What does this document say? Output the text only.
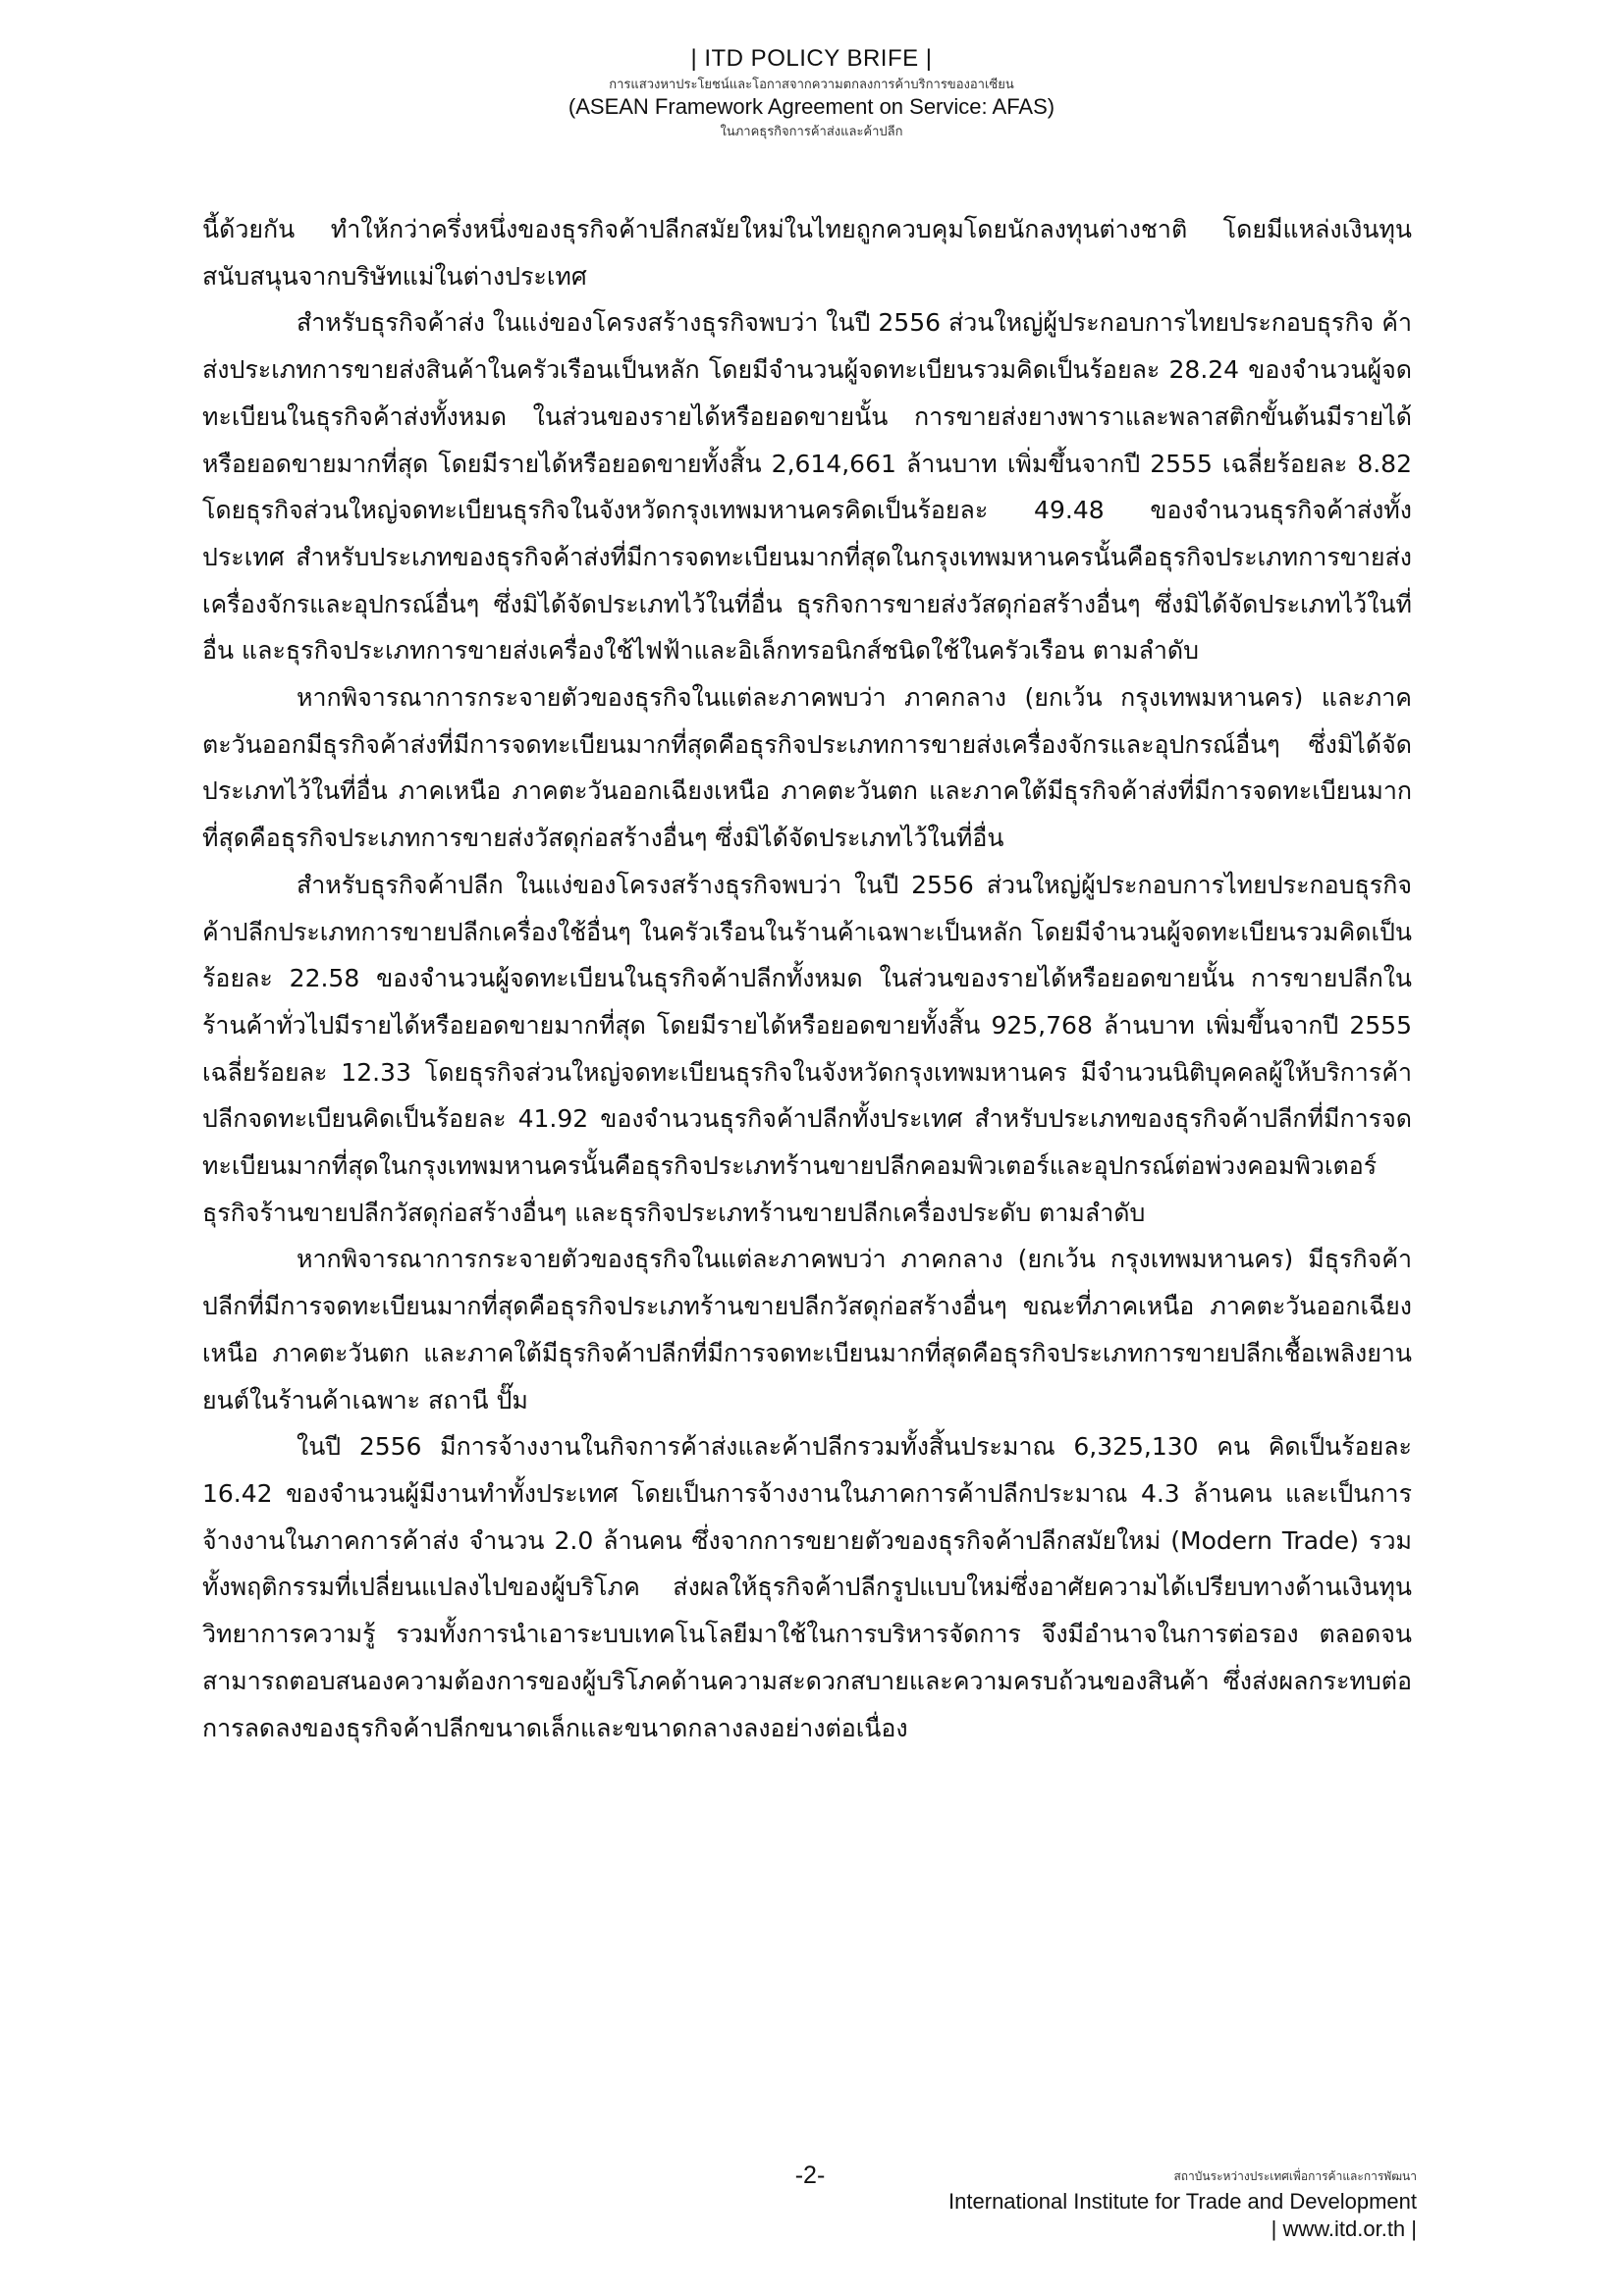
| ITD POLICY BRIFE |
การแสวงหาประโยชน์และโอกาสจากความตกลงการค้าบริการของอาเซียน
(ASEAN Framework Agreement on Service: AFAS)
ในภาคธุรกิจการค้าส่งและค้าปลีก

นี้ด้วยกัน ทำให้กว่าครึ่งหนึ่งของธุรกิจค้าปลีกสมัยใหม่ในไทยถูกควบคุมโดยนักลงทุนต่างชาติ โดยมีแหล่งเงินทุนสนับสนุนจากบริษัทแม่ในต่างประเทศ

สำหรับธุรกิจค้าส่ง ในแง่ของโครงสร้างธุรกิจพบว่า ในปี 2556 ส่วนใหญ่ผู้ประกอบการไทยประกอบธุรกิจ ค้าส่งประเภทการขายส่งสินค้าในครัวเรือนเป็นหลัก โดยมีจำนวนผู้จดทะเบียนรวมคิดเป็นร้อยละ 28.24 ของจำนวนผู้จดทะเบียนในธุรกิจค้าส่งทั้งหมด ในส่วนของรายได้หรือยอดขายนั้น การขายส่งยางพาราและพลาสติกขั้นต้นมีรายได้หรือยอดขายมากที่สุด โดยมีรายได้หรือยอดขายทั้งสิ้น 2,614,661 ล้านบาท เพิ่มขึ้นจากปี 2555 เฉลี่ยร้อยละ 8.82 โดยธุรกิจส่วนใหญ่จดทะเบียนธุรกิจในจังหวัดกรุงเทพมหานครคิดเป็นร้อยละ 49.48 ของจำนวนธุรกิจค้าส่งทั้งประเทศ สำหรับประเภทของธุรกิจค้าส่งที่มีการจดทะเบียนมากที่สุดในกรุงเทพมหานครนั้นคือธุรกิจประเภทการขายส่งเครื่องจักรและอุปกรณ์อื่นๆ ซึ่งมิได้จัดประเภทไว้ในที่อื่น ธุรกิจการขายส่งวัสดุก่อสร้างอื่นๆ ซึ่งมิได้จัดประเภทไว้ในที่อื่น และธุรกิจประเภทการขายส่งเครื่องใช้ไฟฟ้าและอิเล็กทรอนิกส์ชนิดใช้ในครัวเรือน ตามลำดับ

หากพิจารณาการกระจายตัวของธุรกิจในแต่ละภาคพบว่า ภาคกลาง (ยกเว้น กรุงเทพมหานคร) และภาคตะวันออกมีธุรกิจค้าส่งที่มีการจดทะเบียนมากที่สุดคือธุรกิจประเภทการขายส่งเครื่องจักรและอุปกรณ์อื่นๆ ซึ่งมิได้จัดประเภทไว้ในที่อื่น ภาคเหนือ ภาคตะวันออกเฉียงเหนือ ภาคตะวันตก และภาคใต้มีธุรกิจค้าส่งที่มีการจดทะเบียนมากที่สุดคือธุรกิจประเภทการขายส่งวัสดุก่อสร้างอื่นๆ ซึ่งมิได้จัดประเภทไว้ในที่อื่น

สำหรับธุรกิจค้าปลีก ในแง่ของโครงสร้างธุรกิจพบว่า ในปี 2556 ส่วนใหญ่ผู้ประกอบการไทยประกอบธุรกิจค้าปลีกประเภทการขายปลีกเครื่องใช้อื่นๆ ในครัวเรือนในร้านค้าเฉพาะเป็นหลัก โดยมีจำนวนผู้จดทะเบียนรวมคิดเป็นร้อยละ 22.58 ของจำนวนผู้จดทะเบียนในธุรกิจค้าปลีกทั้งหมด ในส่วนของรายได้หรือยอดขายนั้น การขายปลีกในร้านค้าทั่วไปมีรายได้หรือยอดขายมากที่สุด โดยมีรายได้หรือยอดขายทั้งสิ้น 925,768 ล้านบาท เพิ่มขึ้นจากปี 2555 เฉลี่ยร้อยละ 12.33 โดยธุรกิจส่วนใหญ่จดทะเบียนธุรกิจในจังหวัดกรุงเทพมหานคร มีจำนวนนิติบุคคลผู้ให้บริการค้าปลีกจดทะเบียนคิดเป็นร้อยละ 41.92 ของจำนวนธุรกิจค้าปลีกทั้งประเทศ สำหรับประเภทของธุรกิจค้าปลีกที่มีการจดทะเบียนมากที่สุดในกรุงเทพมหานครนั้นคือธุรกิจประเภทร้านขายปลีกคอมพิวเตอร์และอุปกรณ์ต่อพ่วงคอมพิวเตอร์ ธุรกิจร้านขายปลีกวัสดุก่อสร้างอื่นๆ และธุรกิจประเภทร้านขายปลีกเครื่องประดับ ตามลำดับ

หากพิจารณาการกระจายตัวของธุรกิจในแต่ละภาคพบว่า ภาคกลาง (ยกเว้น กรุงเทพมหานคร) มีธุรกิจค้าปลีกที่มีการจดทะเบียนมากที่สุดคือธุรกิจประเภทร้านขายปลีกวัสดุก่อสร้างอื่นๆ ขณะที่ภาคเหนือ ภาคตะวันออกเฉียงเหนือ ภาคตะวันตก และภาคใต้มีธุรกิจค้าปลีกที่มีการจดทะเบียนมากที่สุดคือธุรกิจประเภทการขายปลีกเชื้อเพลิงยานยนต์ในร้านค้าเฉพาะ สถานี ปั๊ม

ในปี 2556 มีการจ้างงานในกิจการค้าส่งและค้าปลีกรวมทั้งสิ้นประมาณ 6,325,130 คน คิดเป็นร้อยละ 16.42 ของจำนวนผู้มีงานทำทั้งประเทศ โดยเป็นการจ้างงานในภาคการค้าปลีกประมาณ 4.3 ล้านคน และเป็นการจ้างงานในภาคการค้าส่ง จำนวน 2.0 ล้านคน ซึ่งจากการขยายตัวของธุรกิจค้าปลีกสมัยใหม่ (Modern Trade) รวมทั้งพฤติกรรมที่เปลี่ยนแปลงไปของผู้บริโภค ส่งผลให้ธุรกิจค้าปลีกรูปแบบใหม่ซึ่งอาศัยความได้เปรียบทางด้านเงินทุน วิทยาการความรู้ รวมทั้งการนำเอาระบบเทคโนโลยีมาใช้ในการบริหารจัดการ จึงมีอำนาจในการต่อรอง ตลอดจนสามารถตอบสนองความต้องการของผู้บริโภคด้านความสะดวกสบายและความครบถ้วนของสินค้า ซึ่งส่งผลกระทบต่อการลดลงของธุรกิจค้าปลีกขนาดเล็กและขนาดกลางลงอย่างต่อเนื่อง

-2-	สถาบันระหว่างประเทศเพื่อการค้าและการพัฒนา
International Institute for Trade and Development
| www.itd.or.th |
